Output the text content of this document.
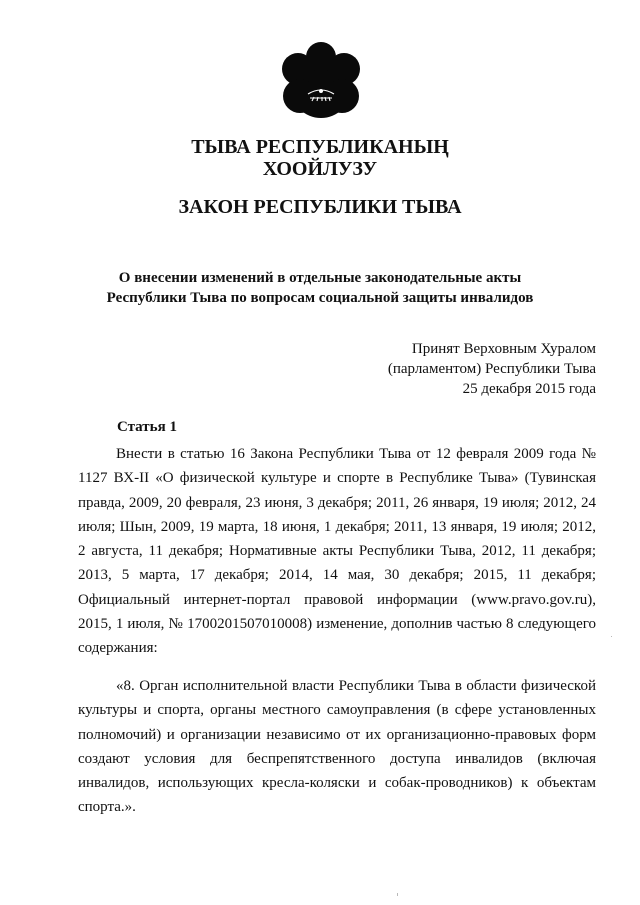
ТЫВА РЕСПУБЛИКАНЫҢ
ХООЙЛУЗУ
ЗАКОН РЕСПУБЛИКИ ТЫВА
О внесении изменений в отдельные законодательные акты
Республики Тыва по вопросам социальной защиты инвалидов
Принят Верховным Хуралом
(парламентом) Республики Тыва
25 декабря 2015 года
Статья 1
Внести в статью 16 Закона Республики Тыва от 12 февраля 2009 года №
1127 ВХ-II «О физической культуре и спорте в Республике Тыва» (Тувинская
правда, 2009, 20 февраля, 23 июня, 3 декабря; 2011, 26 января, 19 июля; 2012, 24
июля; Шын, 2009, 19 марта, 18 июня, 1 декабря; 2011, 13 января, 19 июля; 2012,
2 августа, 11 декабря; Нормативные акты Республики Тыва, 2012, 11 декабря;
2013, 5 марта, 17 декабря; 2014, 14 мая, 30 декабря; 2015, 11 декабря;
Официальный интернет-портал правовой информации (www.pravo.gov.ru),
2015, 1 июля, № 1700201507010008) изменение, дополнив частью 8 следующего
содержания:
«8. Орган исполнительной власти Республики Тыва в области физической
культуры и спорта, органы местного самоуправления (в сфере установленных
полномочий) и организации независимо от их организационно-правовых форм
создают условия для беспрепятственного доступа инвалидов (включая
инвалидов, использующих кресла-коляски и собак-проводников) к объектам
спорта.».
